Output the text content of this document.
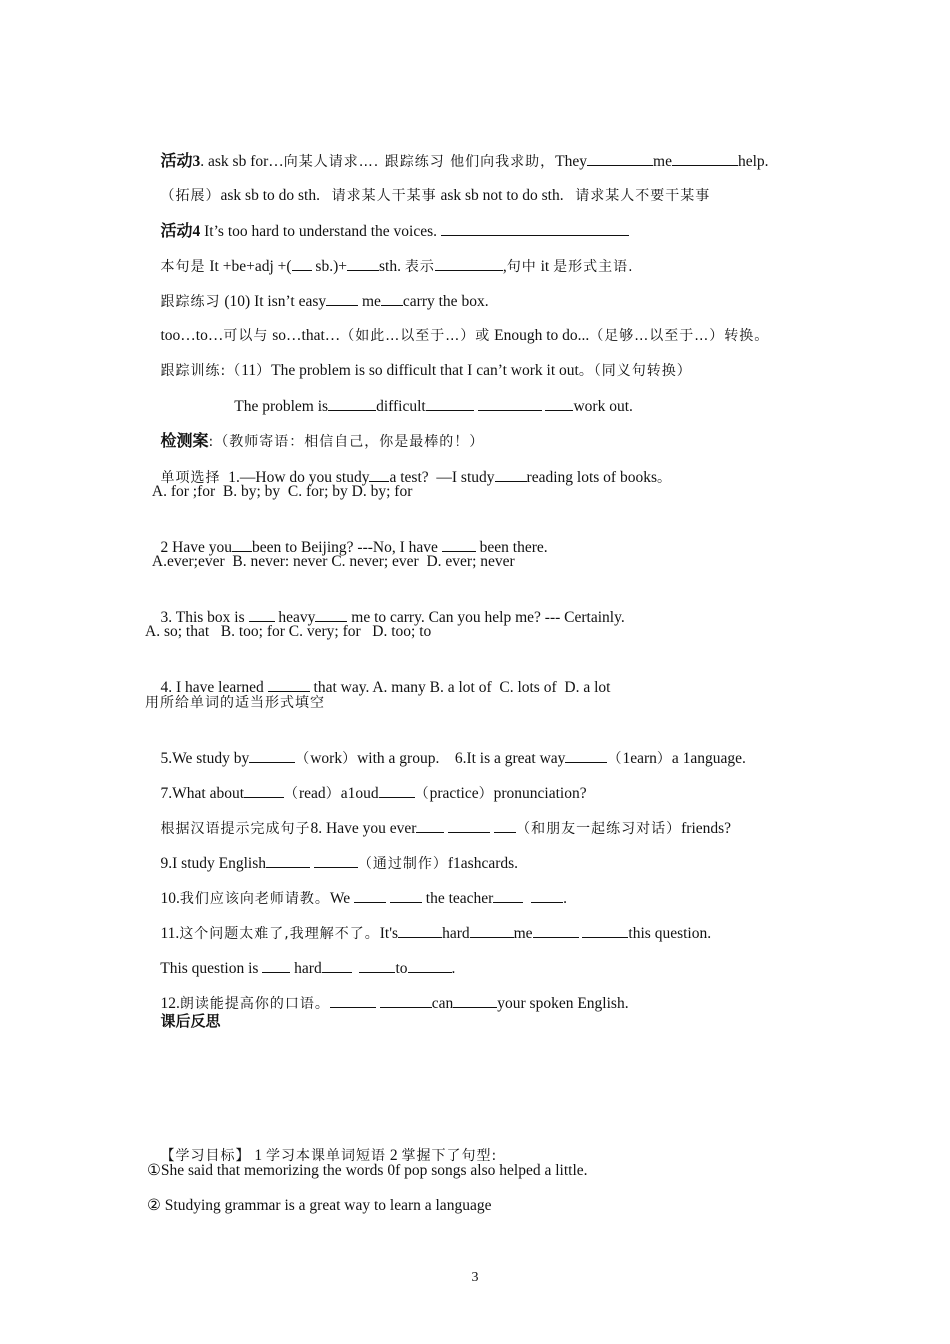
活动3. ask sb for…向某人请求…. 跟踪练习 他们向我求助，They	me	help.

（拓展）ask sb to do sth.   请求某人干某事 ask sb not to do sth.   请求某人不要干某事

活动4 It’s too hard to understand the voices.

本句是 It +be+adj +( sb.)+ sth. 表示	,句中 it 是形式主语.

跟踪练习 (10) It isn’t easy me carry the box.

too…to…可以与 so…that…（如此…以至于…）或 Enough to do...（足够…以至于…）转换。

跟踪训练:（11）The problem is so difficult that I can’t work it out。（同义句转换）

The problem is	difficult	work out.

检测案:（教师寄语：相信自己，你是最棒的！）

单项选择  1.—How do you study a test?  —I study reading lots of books。

A. for ;for  B. by; by  C. for; by D. by; for

2 Have you been to Beijing? ---No, I have  been there.

A.ever;ever  B. never: never C. never; ever  D. ever; never

3. This box is  heavy me to carry. Can you help me? --- Certainly.

A. so; that   B. too; for C. very; for   D. too; to

4. I have learned	that way. A. many B. a lot of  C. lots of  D. a lot

用所给单词的适当形式填空

5.We study by	（work）with a group.    6.It is a great way	（1earn）a 1anguage.

7.What about	（read）a1oud	（practice）pronunciation?

根据汉语提示完成句子8. Have you ever	（和朋友一起练习对话）friends?

9.I study English	（通过制作）f1ashcards.

10.我们应该向老师请教。We	the teacher	.

11.这个问题太难了,我理解不了。It's	hard	me	this question.

This question is  hard	to	.

12.朗读能提高你的口语。	can	your spoken English.

课后反思

【学习目标】 1 学习本课单词短语 2 掌握下了句型:

①She said that memorizing the words 0f pop songs also helped a little.
② Studying grammar is a great way to learn a language
3
